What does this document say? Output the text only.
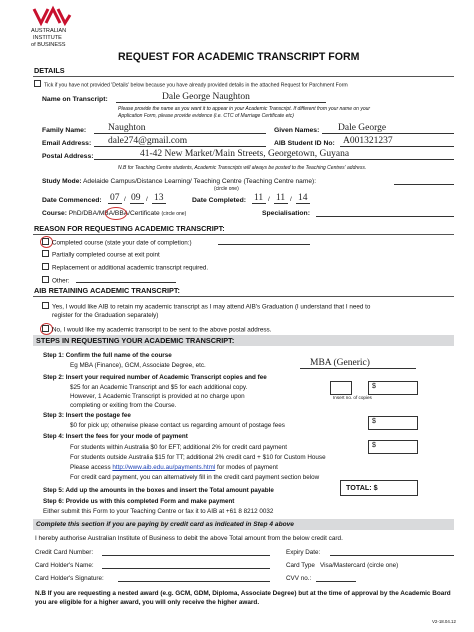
AUSTRALIAN
INSTITUTE
of BUSINESS
REQUEST FOR ACADEMIC TRANSCRIPT FORM
DETAILS
Tick if you have not provided 'Details' below because you have already provided details in the attached Request for Parchment Form
Name on Transcript:	Dale George Naughton
Please provide the name as you want it to appear in your Academic Transcript. If different from your name on your
Application Form, please provide evidence (i.e. CTC of Marriage Certificate etc)
Family Name: Naughton	Given Names: Dale George
Email Address: dale274@gmail.com	AIB Student ID No: A001321237
Postal Address:	41-42 New Market/Main Streets, Georgetown, Guyana
N.B for Teaching Centre students, Academic Transcripts will always be posted to the Teaching Centres' address.
Study Mode: Adelaide Campus/Distance Learning/ Teaching Centre (Teaching Centre name):
(circle one)
Date Commenced: 07 / 09 / 13	Date Completed: 11 / 11 / 14
Course: PhD/DBA/MBA/BBA/Certificate (circle one)	Specialisation:
REASON FOR REQUESTING ACADEMIC TRANSCRIPT:
Completed course (state your date of completion:)
Partially completed course at exit point
Replacement or additional academic transcript required.
Other:
AIB RETAINING ACADEMIC TRANSCRIPT:
Yes, I would like AIB to retain my academic transcript as I may attend AIB's Graduation (I understand that I need to
register for the Graduation separately)
No, I would like my academic transcript to be sent to the above postal address.
STEPS IN REQUESTING YOUR ACADEMIC TRANSCRIPT:
Step 1: Confirm the full name of the course
Eg MBA (Finance), GCM, Associate Degree, etc.	MBA (Generic)
Step 2: Insert your required number of Academic Transcript copies and fee
$25 for an Academic Transcript and $5 for each additional copy.
However, 1 Academic Transcript is provided at no charge upon
completing or exiting from the Course.
Insert no. of copies
$
Step 3: Insert the postage fee
$0 for pick up; otherwise please contact us regarding amount of postage fees
$
Step 4: Insert the fees for your mode of payment
For students within Australia $0 for EFT; additional 2% for credit card payment	$
For students outside Australia $15 for TT; additional 2% credit card + $10 for Custom House
Please access http://www.aib.edu.au/payments.html for modes of payment
For credit card payment, you can alternatively fill in the credit card payment section below
Step 5: Add up the amounts in the boxes and insert the Total amount payable	TOTAL: $
Step 6: Provide us with this completed Form and make payment
Either submit this Form to your Teaching Centre or fax it to AIB at +61 8 8212 0032
Complete this section if you are paying by credit card as indicated in Step 4 above
I hereby authorise Australian Institute of Business to debit the above Total amount from the below credit card.
Credit Card Number:	Expiry Date:
Card Holder's Name:	Card Type Visa/Mastercard (circle one)
Card Holder's Signature:	CVV no.:
N.B If you are requesting a nested award (e.g. GCM, GDM, Diploma, Associate Degree) but at the time of approval by the Academic Board you are eligible for a higher award, you will only receive the higher award.
V2-18.04.12
